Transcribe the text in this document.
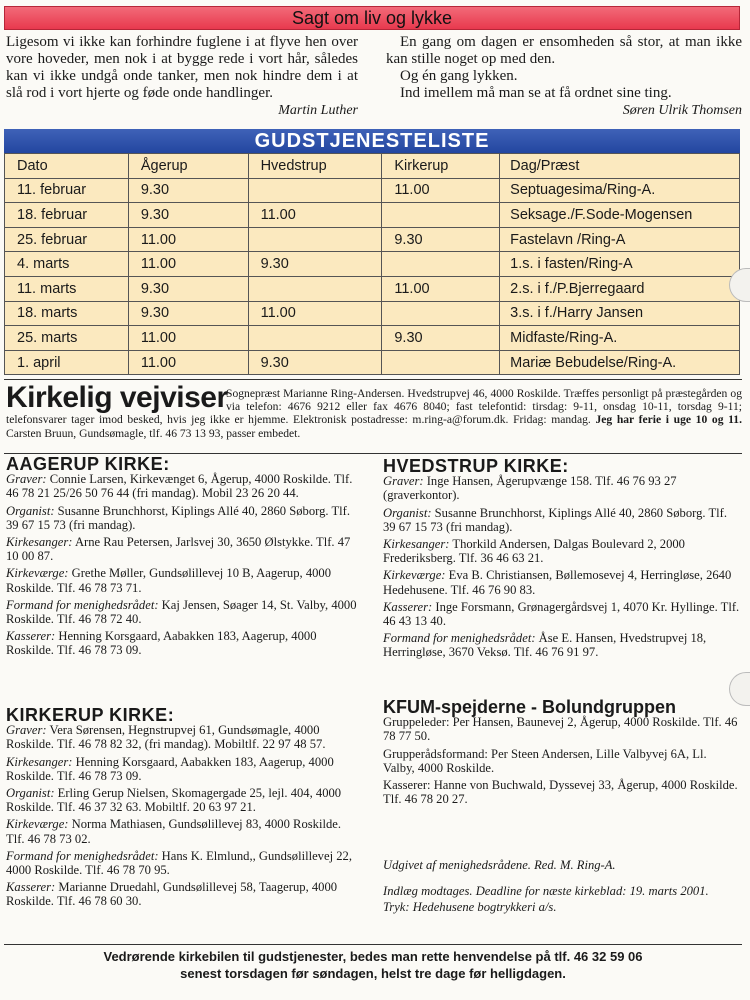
Sagt om liv og lykke

Ligesom vi ikke kan forhindre fuglene i at flyve hen over vore hoveder, men nok i at bygge rede i vort hår, således kan vi ikke undgå onde tanker, men nok hindre dem i at slå rod i vort hjerte og føde onde handlinger.

Martin Luther

En gang om dagen er ensomheden så stor, at man ikke kan stille noget op med den.

Og én gang lykken.

Ind imellem må man se at få ordnet sine ting.

Søren Ulrik Thomsen
GUDSTJENESTELISTE
Dato	Ågerup	Hvedstrup	Kirkerup	Dag/Præst
11. februar	9.30		11.00	Septuagesima/Ring-A.
18. februar	9.30	11.00		Seksage./F.Sode-Mogensen
25. februar	11.00		9.30	Fastelavn /Ring-A
4. marts	11.00	9.30		1.s. i fasten/Ring-A
11. marts	9.30		11.00	2.s. i f./P.Bjerregaard
18. marts	9.30	11.00		3.s. i f./Harry Jansen
25. marts	11.00		9.30	Midfaste/Ring-A.
1. april	11.00	9.30		Mariæ Bebudelse/Ring-A.
Kirkelig vejviser
Sognepræst Marianne Ring-Andersen. Hvedstrupvej 46, 4000 Roskilde. Træffes personligt på præstegården og via telefon: 4676 9212 eller fax 4676 8040; fast telefontid: tirsdag: 9-11, onsdag 10-11, torsdag 9-11; telefonsvarer tager imod besked, hvis jeg ikke er hjemme. Elektronisk postadresse: m.ring-a@forum.dk. Fridag: mandag. Jeg har ferie i uge 10 og 11. Carsten Bruun, Gundsømagle, tlf. 46 73 13 93, passer embedet.
AAGERUP KIRKE:
Graver: Connie Larsen, Kirkevænget 6, Ågerup, 4000 Roskilde. Tlf. 46 78 21 25/26 50 76 44 (fri mandag). Mobil 23 26 20 44.
Organist: Susanne Brunchhorst, Kiplings Allé 40, 2860 Søborg. Tlf. 39 67 15 73 (fri mandag).
Kirkesanger: Arne Rau Petersen, Jarlsvej 30, 3650 Ølstykke. Tlf. 47 10 00 87.
Kirkeværge: Grethe Møller, Gundsølillevej 10 B, Aagerup, 4000 Roskilde. Tlf. 46 78 73 71.
Formand for menighedsrådet: Kaj Jensen, Søager 14, St. Valby, 4000 Roskilde. Tlf. 46 78 72 40.
Kasserer: Henning Korsgaard, Aabakken 183, Aagerup, 4000 Roskilde. Tlf. 46 78 73 09.
KIRKERUP KIRKE:
Graver: Vera Sørensen, Hegnstrupvej 61, Gundsømagle, 4000 Roskilde. Tlf. 46 78 82 32, (fri mandag). Mobiltlf. 22 97 48 57.
Kirkesanger: Henning Korsgaard, Aabakken 183, Aagerup, 4000 Roskilde. Tlf. 46 78 73 09.
Organist: Erling Gerup Nielsen, Skomagergade 25, lejl. 404, 4000 Roskilde. Tlf. 46 37 32 63. Mobiltlf. 20 63 97 21.
Kirkeværge: Norma Mathiasen, Gundsølillevej 83, 4000 Roskilde. Tlf. 46 78 73 02.
Formand for menighedsrådet: Hans K. Elmlund,, Gundsølillevej 22, 4000 Roskilde. Tlf. 46 78 70 95.
Kasserer: Marianne Druedahl, Gundsølillevej 58, Taagerup, 4000 Roskilde. Tlf. 46 78 60 30.
HVEDSTRUP KIRKE:
Graver: Inge Hansen, Ågerupvænge 158. Tlf. 46 76 93 27 (graverkontor).
Organist: Susanne Brunchhorst, Kiplings Allé 40, 2860 Søborg. Tlf. 39 67 15 73 (fri mandag).
Kirkesanger: Thorkild Andersen, Dalgas Boulevard 2, 2000 Frederiksberg. Tlf. 36 46 63 21.
Kirkeværge: Eva B. Christiansen, Bøllemosevej 4, Herringløse, 2640 Hedehusene. Tlf. 46 76 90 83.
Kasserer: Inge Forsmann, Grønagergårdsvej 1, 4070 Kr. Hyllinge. Tlf. 46 43 13 40.
Formand for menighedsrådet: Åse E. Hansen, Hvedstrupvej 18, Herringløse, 3670 Veksø. Tlf. 46 76 91 97.
KFUM-spejderne - Bolundgruppen
Gruppeleder: Per Hansen, Baunevej 2, Ågerup, 4000 Roskilde. Tlf. 46 78 77 50.
Grupperådsformand: Per Steen Andersen, Lille Valbyvej 6A, Ll. Valby, 4000 Roskilde.
Kasserer: Hanne von Buchwald, Dyssevej 33, Ågerup, 4000 Roskilde. Tlf. 46 78 20 27.
Udgivet af menighedsrådene. Red. M. Ring-A.
Indlæg modtages. Deadline for næste kirkeblad: 19. marts 2001.
Tryk: Hedehusene bogtrykkeri a/s.
Vedrørende kirkebilen til gudstjenester, bedes man rette henvendelse på tlf. 46 32 59 06
senest torsdagen før søndagen, helst tre dage før helligdagen.
